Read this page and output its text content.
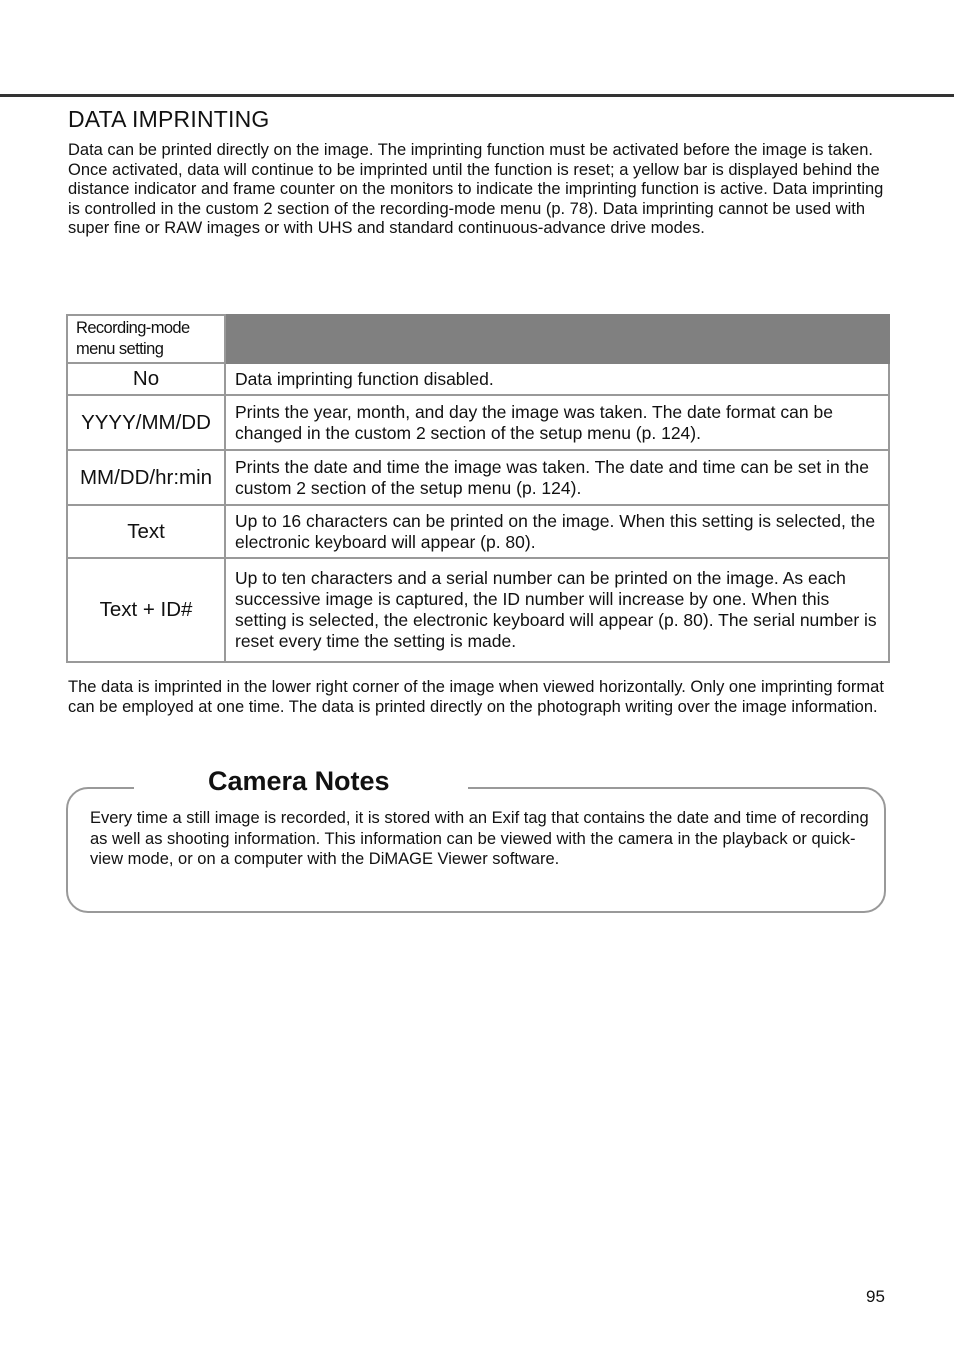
DATA IMPRINTING

Data can be printed directly on the image. The imprinting function must be activated before the image is taken. Once activated, data will continue to be imprinted until the function is reset; a yellow bar is displayed behind the distance indicator and frame counter on the monitors to indicate the imprinting function is active. Data imprinting is controlled in the custom 2 section of the recording-mode menu (p. 78). Data imprinting cannot be used with super fine or RAW images or with UHS and standard continuous-advance drive modes.

Recording-mode menu setting	
No	Data imprinting function disabled.
YYYY/MM/DD	Prints the year, month, and day the image was taken. The date format can be changed in the custom 2 section of the setup menu (p. 124).
MM/DD/hr:min	Prints the date and time the image was taken. The date and time can be set in the custom 2 section of the setup menu (p. 124).
Text	Up to 16 characters can be printed on the image. When this setting is selected, the electronic keyboard will appear (p. 80).
Text + ID#	Up to ten characters and a serial number can be printed on the image. As each successive image is captured, the ID number will increase by one. When this setting is selected, the electronic keyboard will appear (p. 80). The serial number is reset every time the setting is made.

The data is imprinted in the lower right corner of the image when viewed horizontally. Only one imprinting format can be employed at one time. The data is printed directly on the photograph writing over the image information.

Camera Notes

Every time a still image is recorded, it is stored with an Exif tag that contains the date and time of recording as well as shooting information. This information can be viewed with the camera in the playback or quick-view mode, or on a computer with the DiMAGE Viewer software.

95
